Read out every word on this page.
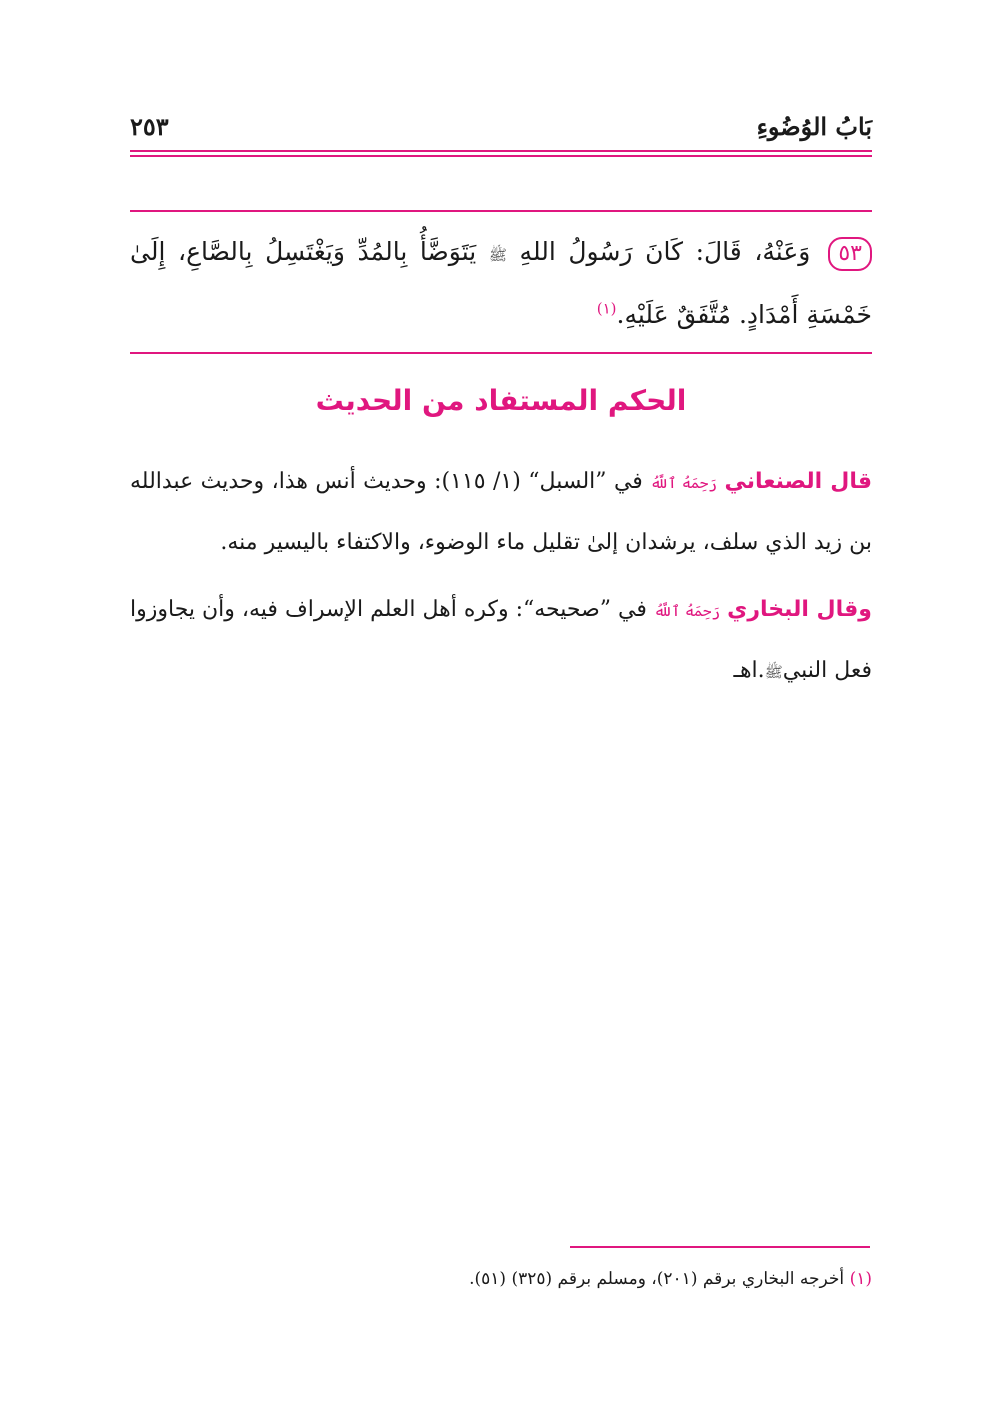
بَابُ الوُضُوءِ
٢٥٣
٥٣وَعَنْهُ، قَالَ: كَانَ رَسُولُ اللهِ ﷺ يَتَوَضَّأُ بِالمُدِّ وَيَغْتَسِلُ بِالصَّاعِ، إِلَىٰ خَمْسَةِ أَمْدَادٍ. مُتَّفَقٌ عَلَيْهِ.$^{(١)}$
الحكم المستفاد من الحديث
قال الصنعاني رَحِمَهُ ٱللَّهُ في ”السبل“ (١/ ١١٥): وحديث أنس هذا، وحديث عبدالله بن زيد الذي سلف، يرشدان إلىٰ تقليل ماء الوضوء، والاكتفاء باليسير منه.
وقال البخاري رَحِمَهُ ٱللَّهُ في ”صحيحه“: وكره أهل العلم الإسراف فيه، وأن يجاوزوا فعل النبيﷺ.اهـ
(١) أخرجه البخاري برقم (٢٠١)، ومسلم برقم (٣٢٥) (٥١).
